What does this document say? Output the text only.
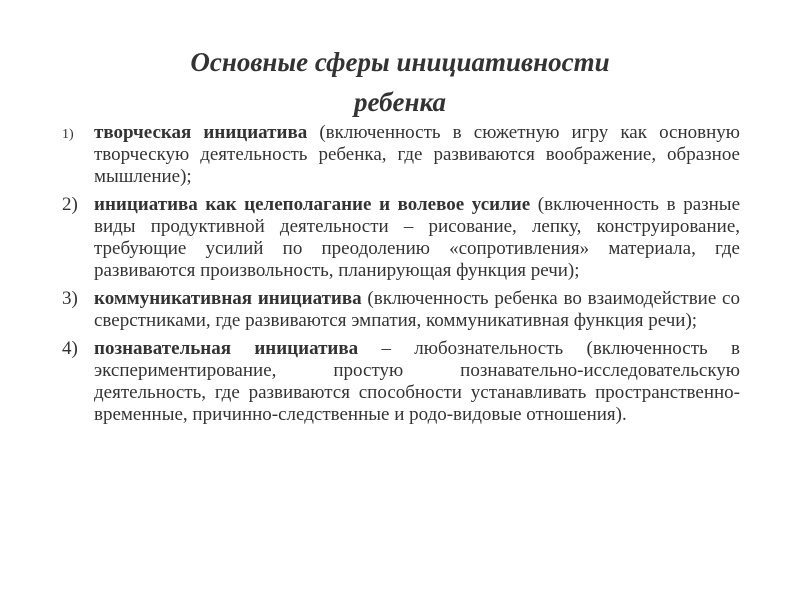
Основные сферы инициативности
ребенка
1) творческая инициатива (включенность в сюжетную игру как основную творческую деятельность ребенка, где развиваются воображение, образное мышление);
2) инициатива как целеполагание и волевое усилие (включенность в разные виды продуктивной деятельности – рисование, лепку, конструирование, требующие усилий по преодолению «сопротивления» материала, где развиваются произвольность, планирующая функция речи);
3) коммуникативная инициатива (включенность ребенка во взаимодействие со сверстниками, где развиваются эмпатия, коммуникативная функция речи);
4) познавательная инициатива – любознательность (включенность в экспериментирование, простую познавательно-исследовательскую деятельность, где развиваются способности устанавливать пространственно-временные, причинно-следственные и родо-видовые отношения).
